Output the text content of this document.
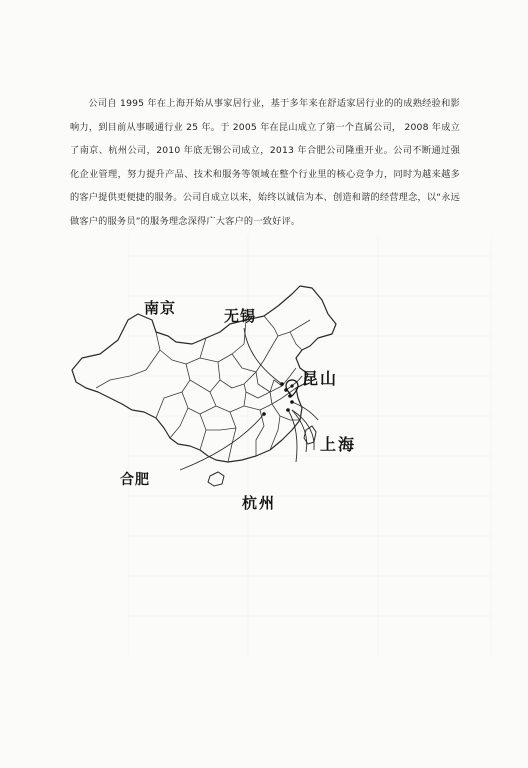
公司自 1995 年在上海开始从事家居行业，基于多年来在舒适家居行业的的成熟经验和影响力，到目前从事暖通行业 25 年。于 2005 年在昆山成立了第一个直属公司， 2008 年成立了南京、杭州公司，2010 年底无锡公司成立，2013 年合肥公司隆重开业。公司不断通过强化企业管理，努力提升产品、技术和服务等领域在整个行业里的核心竞争力，同时为越来越多的客户提供更便捷的服务。公司自成立以来，始终以诚信为本、创造和谐的经营理念，以“永远做客户的服务员”的服务理念深得广大客户的一致好评。

南京	无锡
昆山
上海
合肥
杭州
